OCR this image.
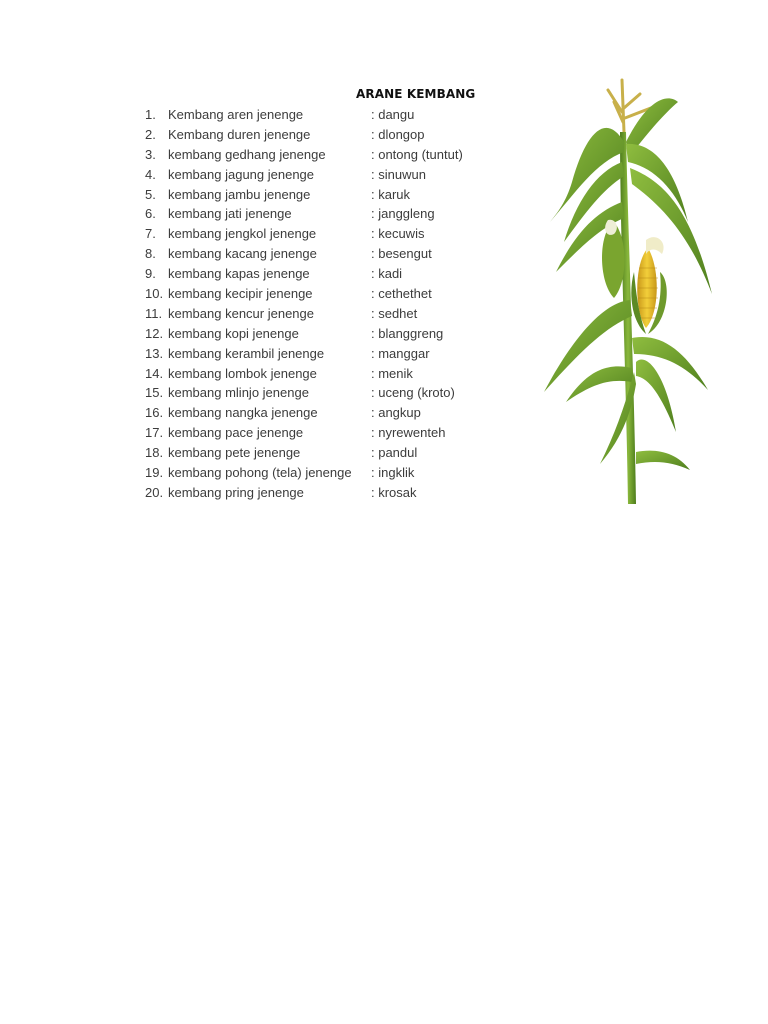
ARANE KEMBANG
1. Kembang aren jenenge	: dangu
2. Kembang duren jenenge	: dlongop
3. kembang gedhang jenenge	: ontong (tuntut)
4. kembang jagung jenenge	: sinuwun
5. kembang jambu jenenge	: karuk
6. kembang jati jenenge	: janggleng
7. kembang jengkol jenenge	: kecuwis
8. kembang kacang jenenge	: besengut
9. kembang kapas jenenge	: kadi
10. kembang kecipir jenenge	: cethethet
11. kembang kencur jenenge	: sedhet
12. kembang kopi jenenge	: blanggreng
13. kembang kerambil jenenge	: manggar
14. kembang lombok jenenge	: menik
15. kembang mlinjo jenenge	: uceng (kroto)
16. kembang nangka jenenge	: angkup
17. kembang pace jenenge	: nyrewenteh
18. kembang pete jenenge	: pandul
19. kembang pohong (tela) jenenge : ingklik
20. kembang pring jenenge	: krosak
